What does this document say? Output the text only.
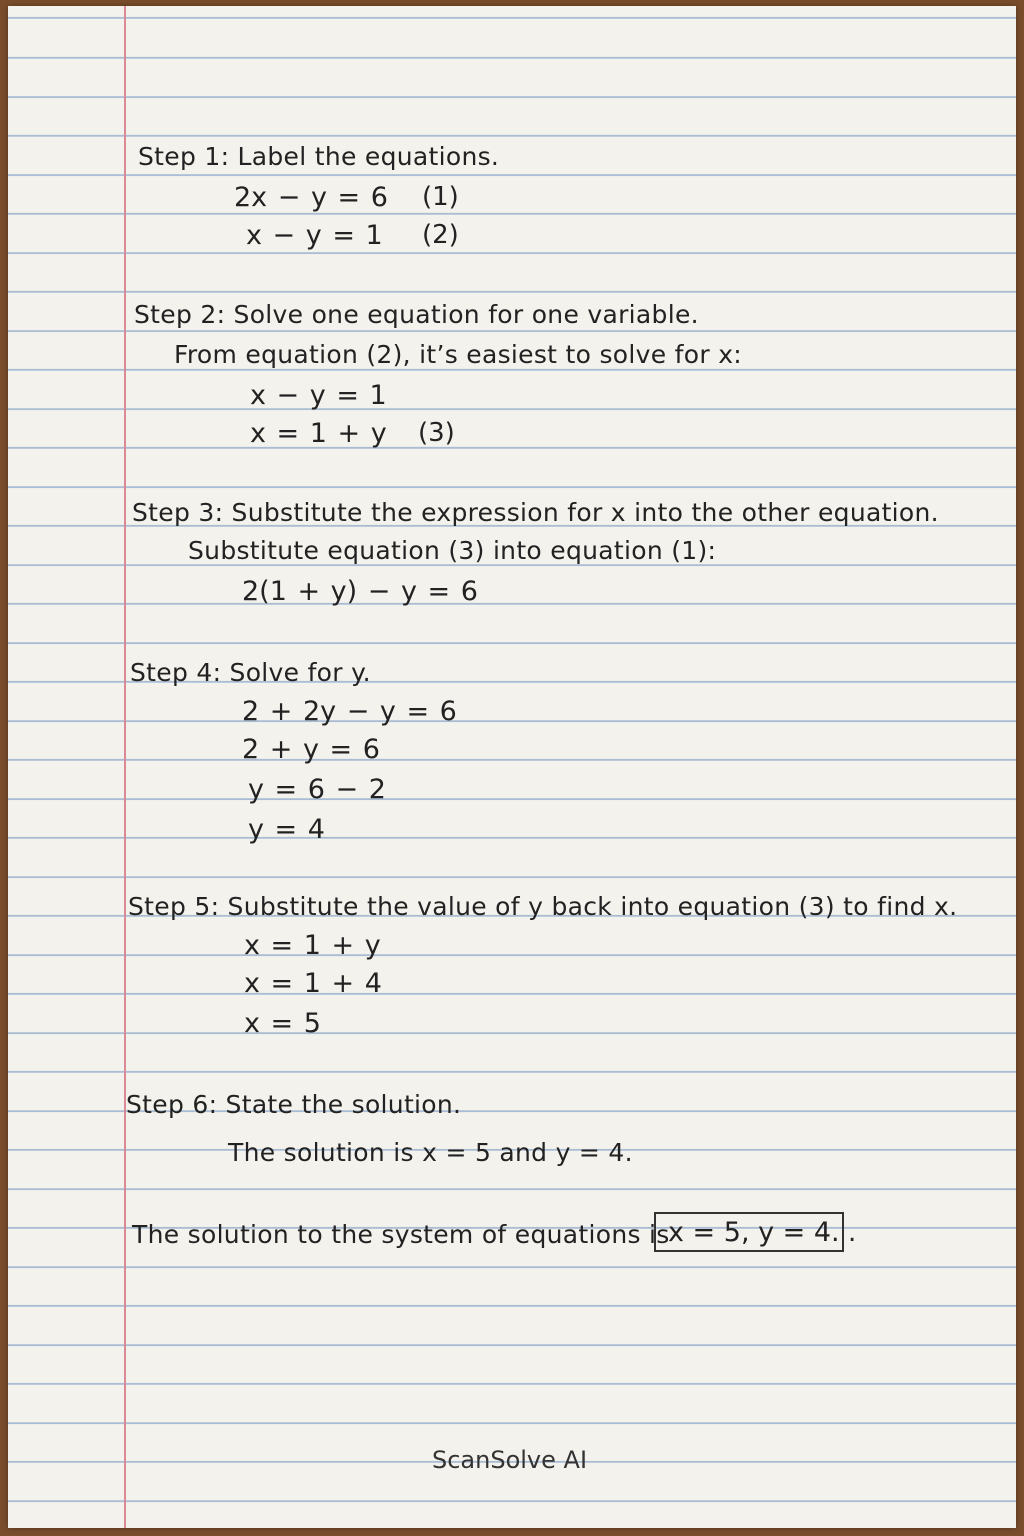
Step 1: Label the equations.
2x − y = 6 (1)
x − y = 1 (2)
Step 2: Solve one equation for one variable.
From equation (2), it’s easiest to solve for x:
x − y = 1
x = 1 + y (3)
Step 3: Substitute the expression for x into the other equation.
Substitute equation (3) into equation (1):
2(1 + y) − y = 6
Step 4: Solve for y.
2 + 2y − y = 6
2 + y = 6
y = 6 − 2
y = 4
Step 5: Substitute the value of y back into equation (3) to find x.
x = 1 + y
x = 1 + 4
x = 5
Step 6: State the solution.
The solution is x = 5 and y = 4.
The solution to the system of equations is
x = 5, y = 4. .
ScanSolve AI
